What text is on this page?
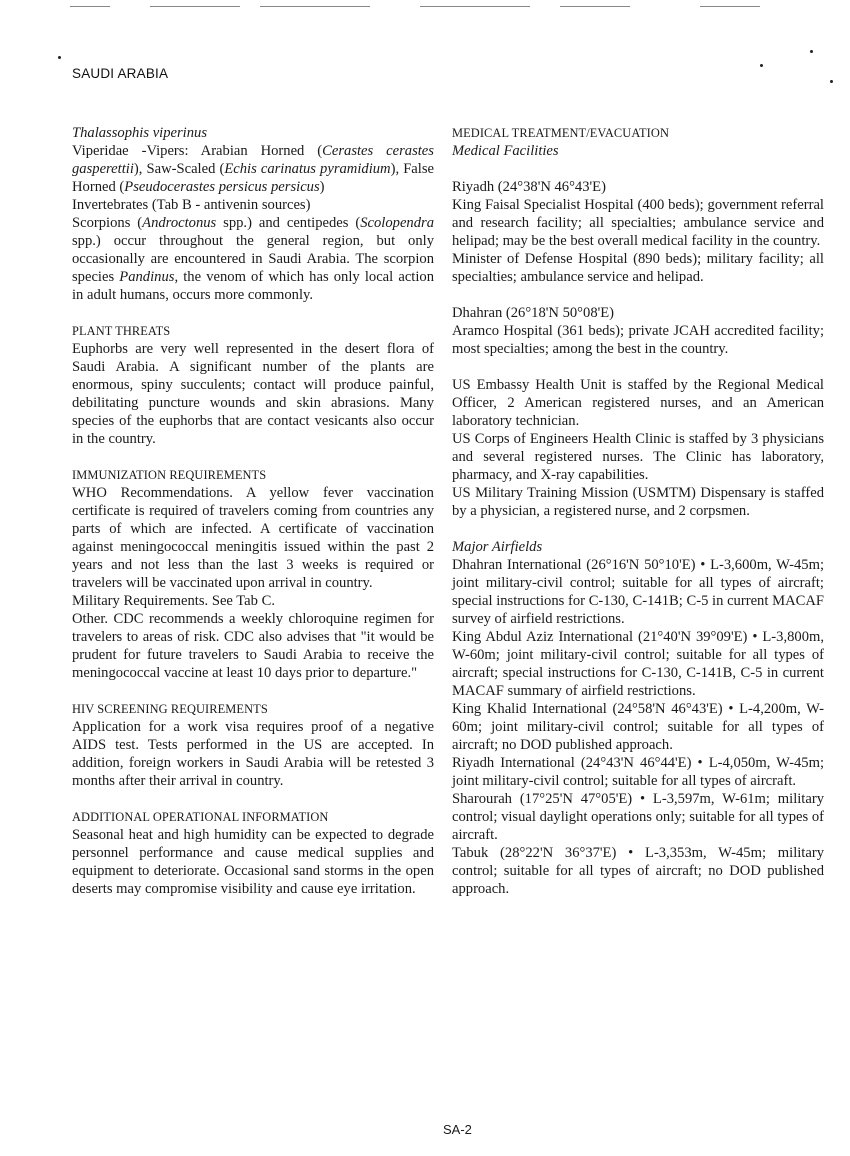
SAUDI ARABIA

Thalassophis viperinus

Viperidae -Vipers: Arabian Horned (Cerastes cerastes gasperettii), Saw-Scaled (Echis carinatus pyramidium), False Horned (Pseudocerastes persicus persicus)

Invertebrates (Tab B - antivenin sources)

Scorpions (Androctonus spp.) and centipedes (Scolopendra spp.) occur throughout the general region, but only occasionally are encountered in Saudi Arabia. The scorpion species Pandinus, the venom of which has only local action in adult humans, occurs more commonly.

PLANT THREATS

Euphorbs are very well represented in the desert flora of Saudi Arabia. A significant number of the plants are enormous, spiny succulents; contact will produce painful, debilitating puncture wounds and skin abrasions. Many species of the euphorbs that are contact vesicants also occur in the country.

IMMUNIZATION REQUIREMENTS

WHO Recommendations. A yellow fever vaccination certificate is required of travelers coming from countries any parts of which are infected. A certificate of vaccination against meningococcal meningitis issued within the past 2 years and not less than the last 3 weeks is required or travelers will be vaccinated upon arrival in country.

Military Requirements. See Tab C.

Other. CDC recommends a weekly chloroquine regimen for travelers to areas of risk. CDC also advises that "it would be prudent for future travelers to Saudi Arabia to receive the meningococcal vaccine at least 10 days prior to departure."

HIV SCREENING REQUIREMENTS

Application for a work visa requires proof of a negative AIDS test. Tests performed in the US are accepted. In addition, foreign workers in Saudi Arabia will be retested 3 months after their arrival in country.

ADDITIONAL OPERATIONAL INFORMATION

Seasonal heat and high humidity can be expected to degrade personnel performance and cause medical supplies and equipment to deteriorate. Occasional sand storms in the open deserts may compromise visibility and cause eye irritation.

MEDICAL TREATMENT/EVACUATION

Medical Facilities

Riyadh (24°38'N 46°43'E)

King Faisal Specialist Hospital (400 beds); government referral and research facility; all specialties; ambulance service and helipad; may be the best overall medical facility in the country.

Minister of Defense Hospital (890 beds); military facility; all specialties; ambulance service and helipad.

Dhahran (26°18'N 50°08'E)

Aramco Hospital (361 beds); private JCAH accredited facility; most specialties; among the best in the country.

US Embassy Health Unit is staffed by the Regional Medical Officer, 2 American registered nurses, and an American laboratory technician.

US Corps of Engineers Health Clinic is staffed by 3 physicians and several registered nurses. The Clinic has laboratory, pharmacy, and X-ray capabilities.

US Military Training Mission (USMTM) Dispensary is staffed by a physician, a registered nurse, and 2 corpsmen.

Major Airfields

Dhahran International (26°16'N 50°10'E) • L-3,600m, W-45m; joint military-civil control; suitable for all types of aircraft; special instructions for C-130, C-141B; C-5 in current MACAF survey of airfield restrictions.

King Abdul Aziz International (21°40'N 39°09'E) • L-3,800m, W-60m; joint military-civil control; suitable for all types of aircraft; special instructions for C-130, C-141B, C-5 in current MACAF summary of airfield restrictions.

King Khalid International (24°58'N 46°43'E) • L-4,200m, W-60m; joint military-civil control; suitable for all types of aircraft; no DOD published approach.

Riyadh International (24°43'N 46°44'E) • L-4,050m, W-45m; joint military-civil control; suitable for all types of aircraft.

Sharourah (17°25'N 47°05'E) • L-3,597m, W-61m; military control; visual daylight operations only; suitable for all types of aircraft.

Tabuk (28°22'N 36°37'E) • L-3,353m, W-45m; military control; suitable for all types of aircraft; no DOD published approach.

SA-2
